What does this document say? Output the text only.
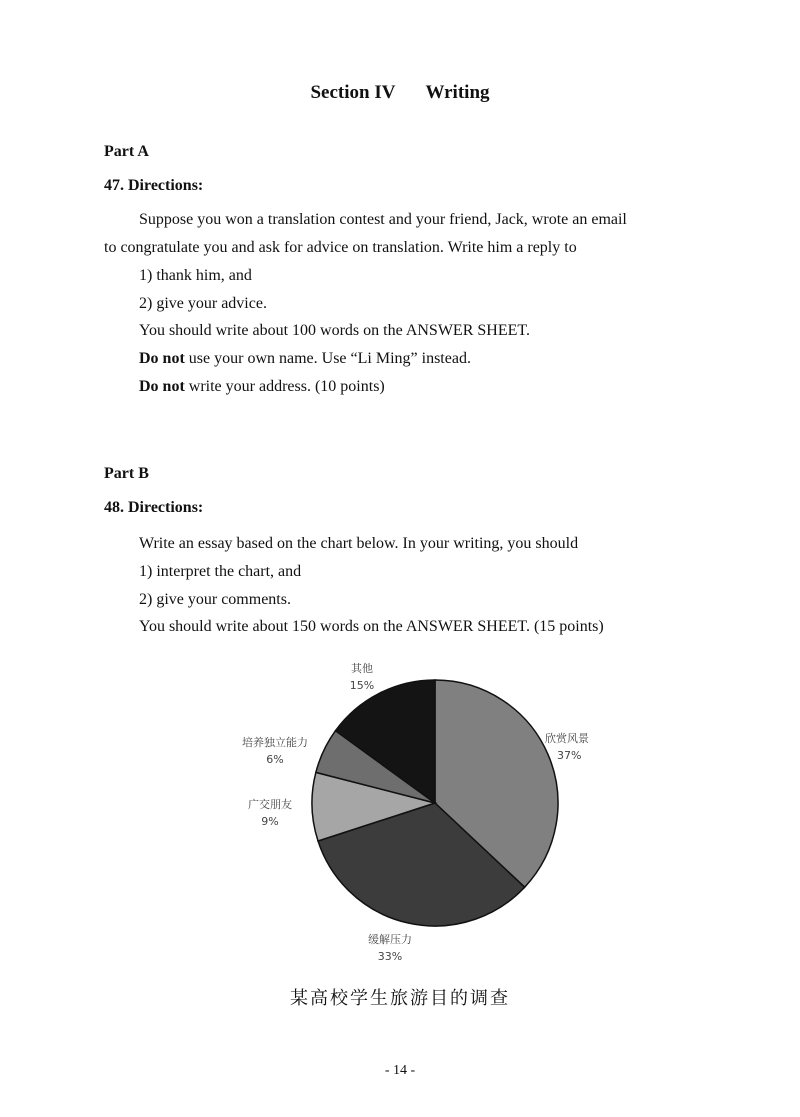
Section IV Writing
Part A
47. Directions:
Suppose you won a translation contest and your friend, Jack, wrote an email
to congratulate you and ask for advice on translation. Write him a reply to
1) thank him, and
2) give your advice.
You should write about 100 words on the ANSWER SHEET.
Do not use your own name. Use “Li Ming” instead.
Do not write your address. (10 points)
Part B
48. Directions:
Write an essay based on the chart below. In your writing, you should
1) interpret the chart, and
2) give your comments.
You should write about 150 words on the ANSWER SHEET. (15 points)
欣赏风景
37%
缓解压力
33%
广交朋友
9%
培养独立能力
6%
其他
15%
某高校学生旅游目的调查
- 14 -
